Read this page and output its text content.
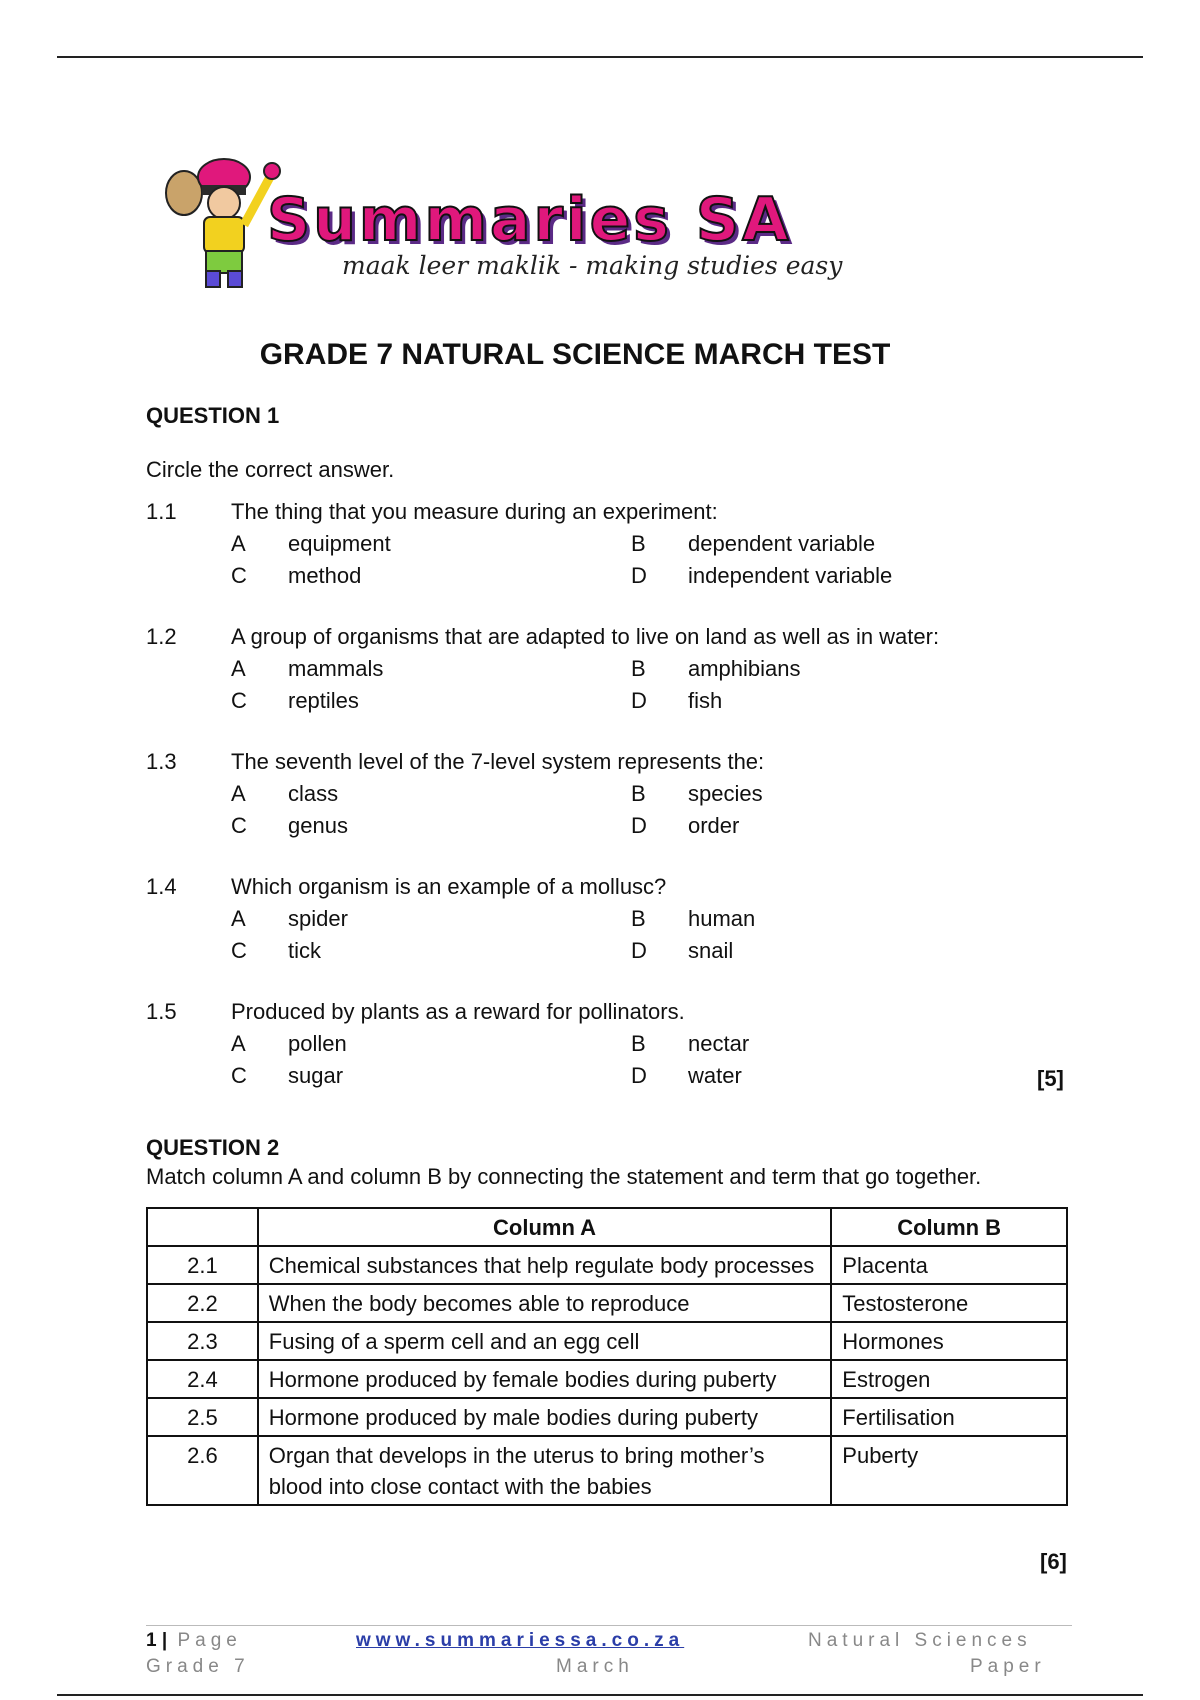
Summaries SA

maak leer maklik - making studies easy

GRADE 7 NATURAL SCIENCE MARCH TEST
QUESTION 1

Circle the correct answer.

1.1 The thing that you measure during an experiment:
A equipment	B dependent variable
C method	D independent variable
1.2 A group of organisms that are adapted to live on land as well as in water:
A mammals	B amphibians
C reptiles	D fish
1.3 The seventh level of the 7-level system represents the:
A class	B species
C genus	D order
1.4 Which organism is an example of a mollusc?
A spider	B human
C tick	D snail
1.5 Produced by plants as a reward for pollinators.
A pollen	B nectar
C sugar	D water	[5]
QUESTION 2

Match column A and column B by connecting the statement and term that go together.

	Column A	Column B
2.1	Chemical substances that help regulate body processes	Placenta
2.2	When the body becomes able to reproduce	Testosterone
2.3	Fusing of a sperm cell and an egg cell	Hormones
2.4	Hormone produced by female bodies during puberty	Estrogen
2.5	Hormone produced by male bodies during puberty	Fertilisation
2.6	Organ that develops in the uterus to bring mother’s blood into close contact with the babies	Puberty
[6]
1 | Page
Grade 7
www.summariessa.co.za
March
Natural Sciences
Paper
